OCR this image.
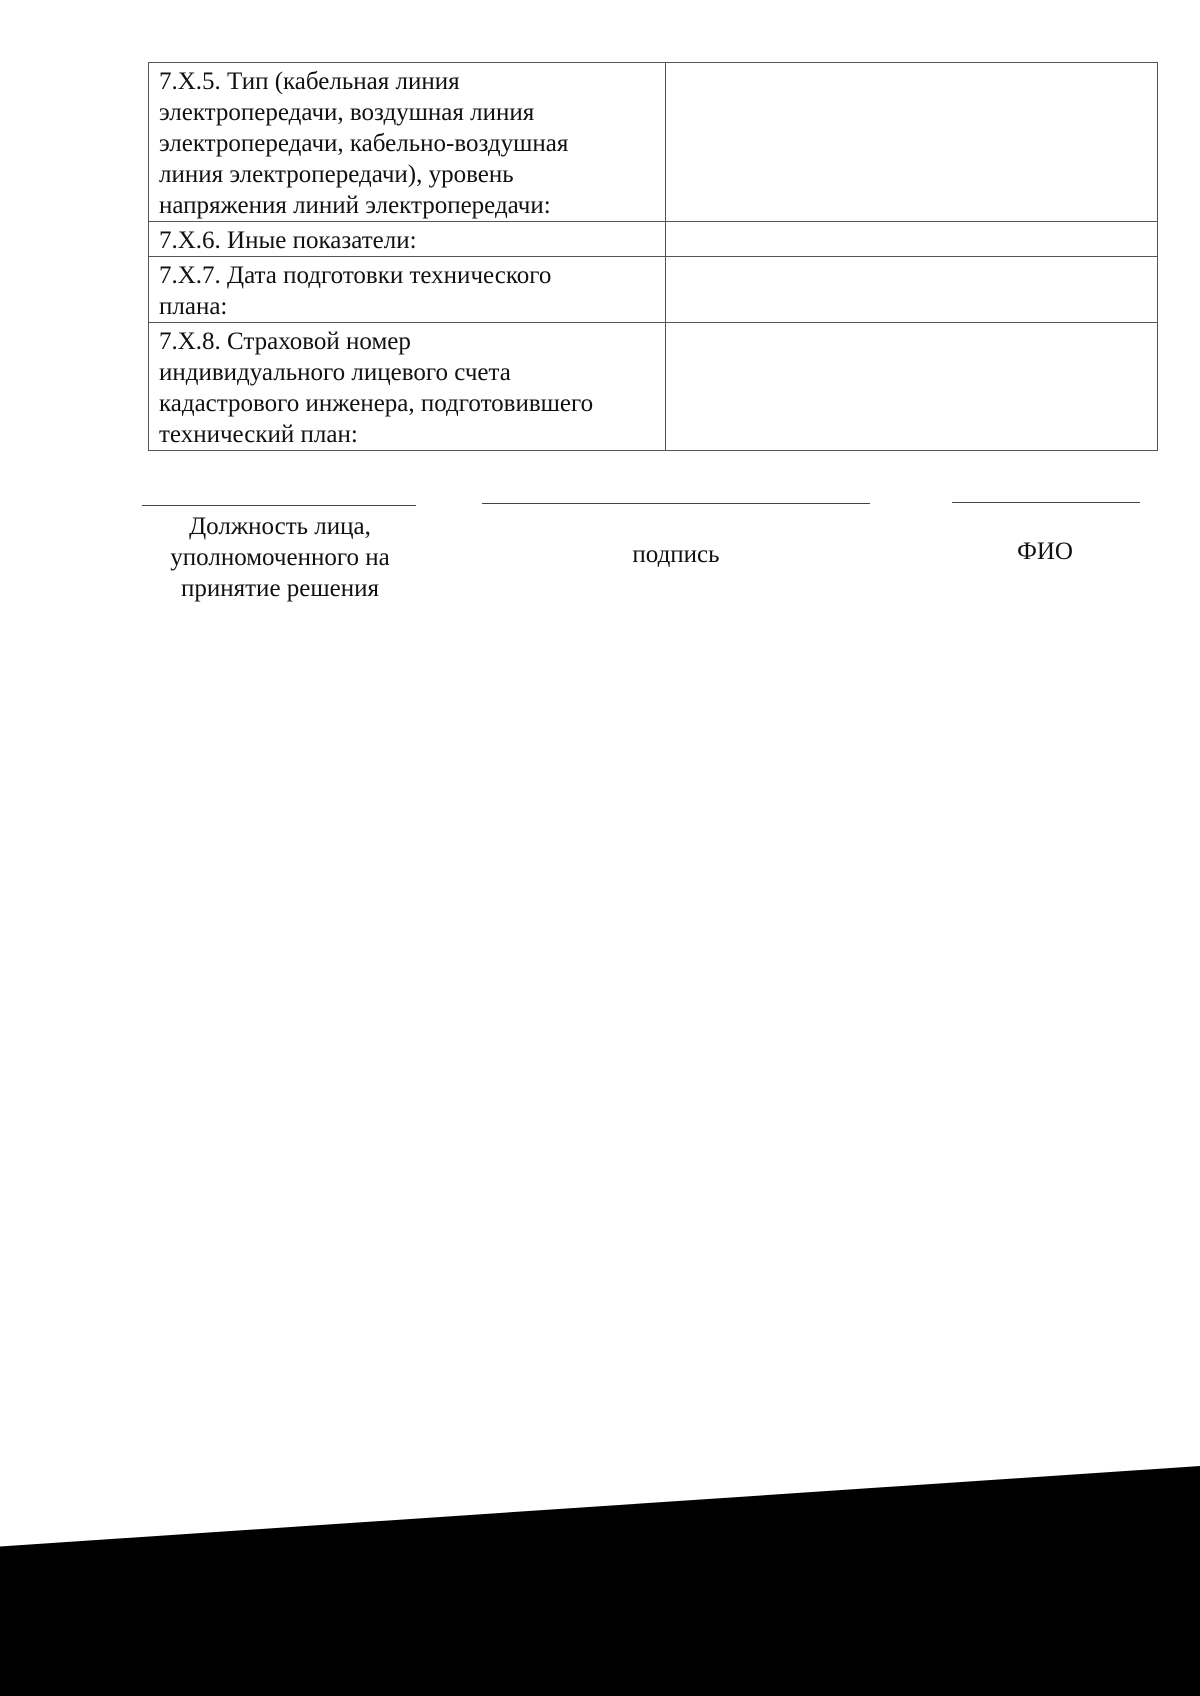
7.Х.5. Тип (кабельная линия
электропередачи, воздушная линия
электропередачи, кабельно-воздушная
линия электропередачи), уровень
напряжения линий электропередачи:	
7.Х.6. Иные показатели:	
7.Х.7. Дата подготовки технического
плана:	
7.Х.8. Страховой номер
индивидуального лицевого счета
кадастрового инженера, подготовившего
технический план:	
Должность лица,
уполномоченного на
принятие решения
подпись	ФИО
